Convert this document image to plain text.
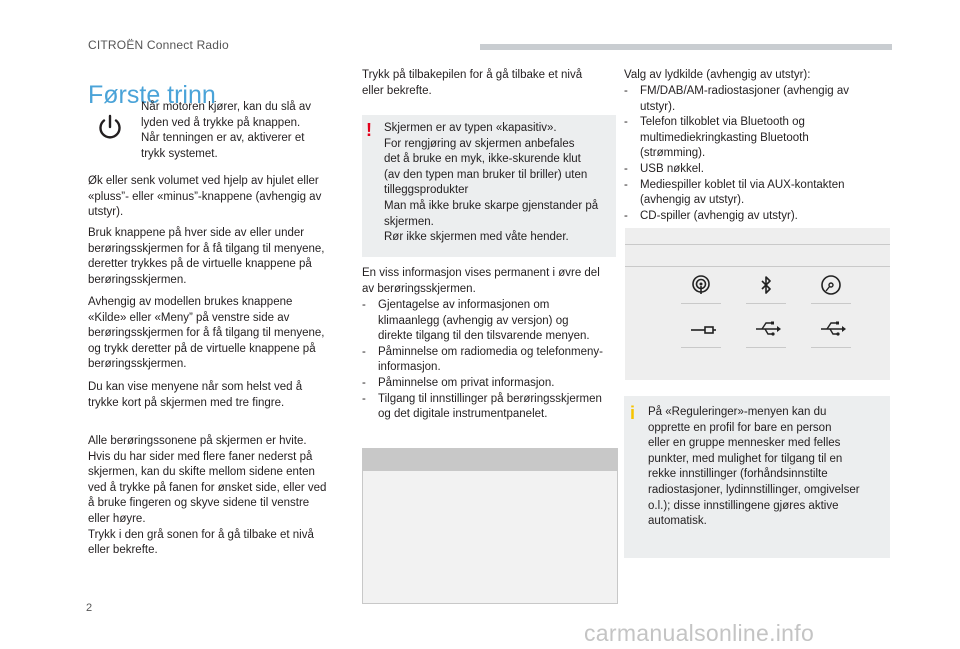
CITROËN Connect Radio
Første trinn

Når motoren kjører, kan du slå av
lyden ved å trykke på knappen.
Når tenningen er av, aktiverer et
trykk systemet.

Øk eller senk volumet ved hjelp av hjulet eller
«pluss”- eller «minus”-knappene (avhengig av
utstyr).

Bruk knappene på hver side av eller under
berøringsskjermen for å få tilgang til menyene,
deretter trykkes på de virtuelle knappene på
berøringsskjermen.

Avhengig av modellen brukes knappene
«Kilde» eller «Meny” på venstre side av
berøringsskjermen for å få tilgang til menyene,
og trykk deretter på de virtuelle knappene på
berøringsskjermen.

Du kan vise menyene når som helst ved å
trykke kort på skjermen med tre fingre.

Alle berøringssonene på skjermen er hvite.
Hvis du har sider med flere faner nederst på
skjermen, kan du skifte mellom sidene enten
ved å trykke på fanen for ønsket side, eller ved
å bruke fingeren og skyve sidene til venstre
eller høyre.
Trykk i den grå sonen for å gå tilbake et nivå
eller bekrefte.

Trykk på tilbakepilen for å gå tilbake et nivå
eller bekrefte.

! Skjermen er av typen «kapasitiv».
For rengjøring av skjermen anbefales
det å bruke en myk, ikke-skurende klut
(av den typen man bruker til briller) uten
tilleggsprodukter
Man må ikke bruke skarpe gjenstander på
skjermen.
Rør ikke skjermen med våte hender.

En viss informasjon vises permanent i øvre del
av berøringsskjermen.

- Gjentagelse av informasjonen om
klimaanlegg (avhengig av versjon) og
direkte tilgang til den tilsvarende menyen.
- Påminnelse om radiomedia og telefonmeny-
informasjon.
- Påminnelse om privat informasjon.
- Tilgang til innstillinger på berøringsskjermen
og det digitale instrumentpanelet.

Valg av lydkilde (avhengig av utstyr):

- FM/DAB/AM-radiostasjoner (avhengig av
utstyr).
- Telefon tilkoblet via Bluetooth og
multimediekringkasting Bluetooth
(strømming).
- USB nøkkel.
- Mediespiller koblet til via AUX-kontakten
(avhengig av utstyr).
- CD-spiller (avhengig av utstyr).
i På «Reguleringer»-menyen kan du
opprette en profil for bare en person
eller en gruppe mennesker med felles
punkter, med mulighet for tilgang til en
rekke innstillinger (forhåndsinnstilte
radiostasjoner, lydinnstillinger, omgivelser
o.l.); disse innstillingene gjøres aktive
automatisk.

2
carmanualsonline.info
